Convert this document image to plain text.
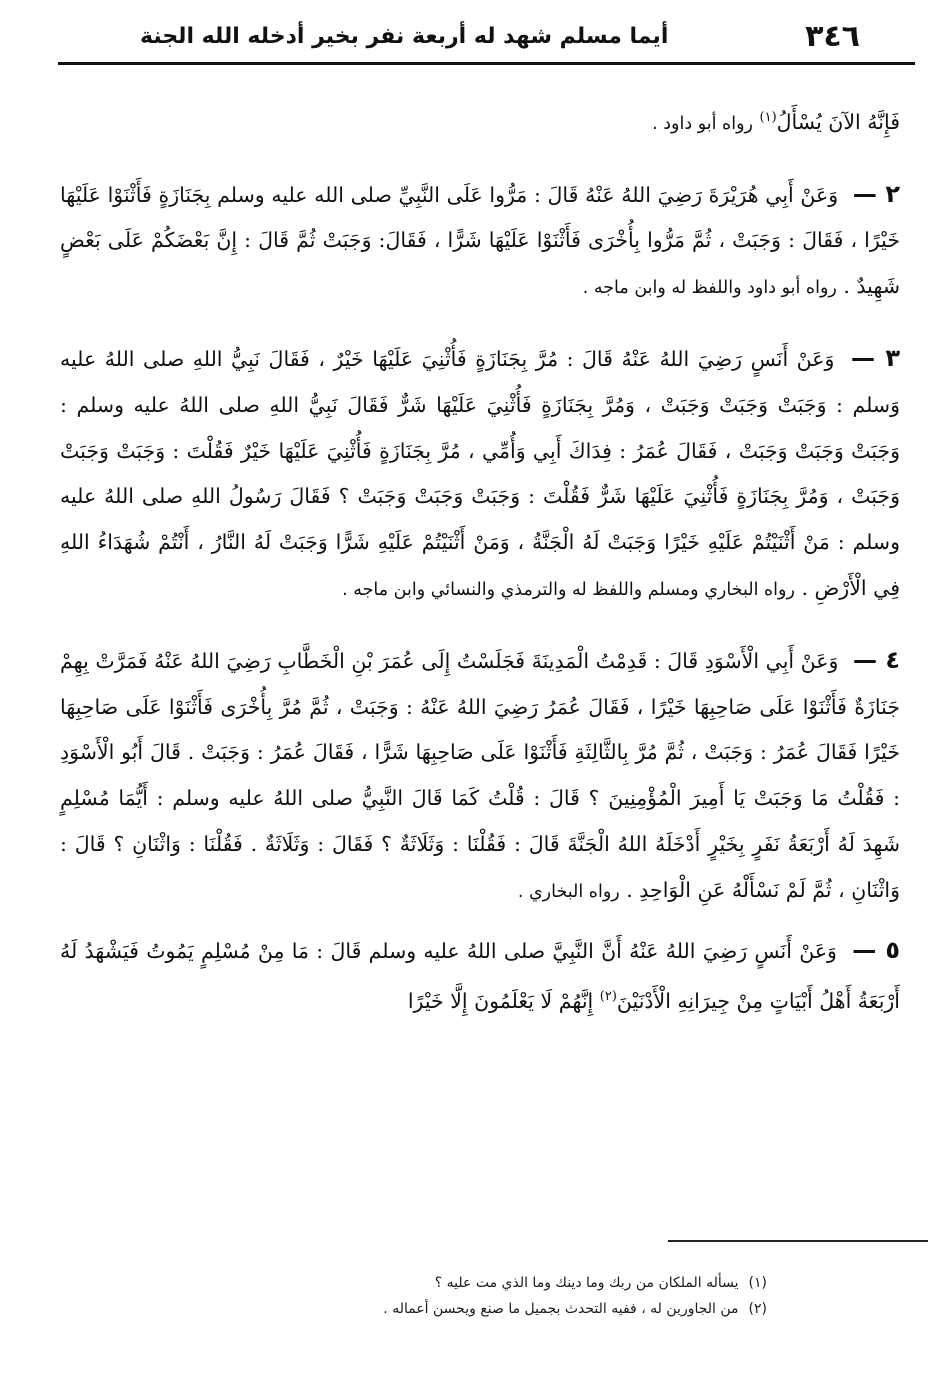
٣٤٦
أيما مسلم شهد له أربعة نفر بخير أدخله الله الجنة

فَإِنَّهُ الآنَ يُسْأَلُ$^{(١)}$ رواه أبو داود .

٢ — وَعَنْ أَبِي هُرَيْرَةَ رَضِيَ اللهُ عَنْهُ قَالَ : مَرُّوا عَلَى النَّبِيِّ صلى الله عليه وسلم بِجَنَازَةٍ فَأَثْنَوْا عَلَيْهَا خَيْرًا ، فَقَالَ : وَجَبَتْ ، ثُمَّ مَرُّوا بِأُخْرَى فَأَثْنَوْا عَلَيْهَا شَرًّا ، فَقَالَ: وَجَبَتْ ثُمَّ قَالَ : إِنَّ بَعْضَكُمْ عَلَى بَعْضٍ شَهِيدٌ . رواه أبو داود واللفظ له وابن ماجه .

٣ — وَعَنْ أَنَسٍ رَضِيَ اللهُ عَنْهُ قَالَ : مُرَّ بِجَنَازَةٍ فَأُثْنِيَ عَلَيْهَا خَيْرٌ ، فَقَالَ نَبِيُّ اللهِ صلى اللهُ عليه وَسلم : وَجَبَتْ وَجَبَتْ وَجَبَتْ ، وَمُرَّ بِجَنَازَةٍ فَأُثْنِيَ عَلَيْهَا شَرٌّ فَقَالَ نَبِيُّ اللهِ صلى اللهُ عليه وسلم : وَجَبَتْ وَجَبَتْ وَجَبَتْ ، فَقَالَ عُمَرُ : فِدَاكَ أَبِي وَأُمِّي ، مُرَّ بِجَنَازَةٍ فَأُثْنِيَ عَلَيْهَا خَيْرٌ فَقُلْتَ : وَجَبَتْ وَجَبَتْ وَجَبَتْ ، وَمُرَّ بِجَنَازَةٍ فَأُثْنِيَ عَلَيْهَا شَرٌّ فَقُلْتَ : وَجَبَتْ وَجَبَتْ وَجَبَتْ ؟ فَقَالَ رَسُولُ اللهِ صلى اللهُ عليه وسلم : مَنْ أَثْنَيْتُمْ عَلَيْهِ خَيْرًا وَجَبَتْ لَهُ الْجَنَّةُ ، وَمَنْ أَثْنَيْتُمْ عَلَيْهِ شَرًّا وَجَبَتْ لَهُ النَّارُ ، أَنْتُمْ شُهَدَاءُ اللهِ فِي الْأَرْضِ . رواه البخاري ومسلم واللفظ له والترمذي والنسائي وابن ماجه .

٤ — وَعَنْ أَبِي الْأَسْوَدِ قَالَ : قَدِمْتُ الْمَدِينَةَ فَجَلَسْتُ إِلَى عُمَرَ بْنِ الْخَطَّابِ رَضِيَ اللهُ عَنْهُ فَمَرَّتْ بِهِمْ جَنَازَةٌ فَأَثْنَوْا عَلَى صَاحِبِهَا خَيْرًا ، فَقَالَ عُمَرُ رَضِيَ اللهُ عَنْهُ : وَجَبَتْ ، ثُمَّ مُرَّ بِأُخْرَى فَأَثْنَوْا عَلَى صَاحِبِهَا خَيْرًا فَقَالَ عُمَرُ : وَجَبَتْ ، ثُمَّ مُرَّ بِالثَّالِثَةِ فَأَثْنَوْا عَلَى صَاحِبِهَا شَرًّا ، فَقَالَ عُمَرُ : وَجَبَتْ . قَالَ أَبُو الْأَسْوَدِ : فَقُلْتُ مَا وَجَبَتْ يَا أَمِيرَ الْمُؤْمِنِينَ ؟ قَالَ : قُلْتُ كَمَا قَالَ النَّبِيُّ صلى اللهُ عليه وسلم : أَيُّمَا مُسْلِمٍ شَهِدَ لَهُ أَرْبَعَةُ نَفَرٍ بِخَيْرٍ أَدْخَلَهُ اللهُ الْجَنَّةَ قَالَ : فَقُلْنَا : وَثَلَاثَةٌ ؟ فَقَالَ : وَثَلَاثَةٌ . فَقُلْنَا : وَاثْنَانِ ؟ قَالَ : وَاثْنَانِ ، ثُمَّ لَمْ نَسْأَلْهُ عَنِ الْوَاحِدِ . رواه البخاري .

٥ — وَعَنْ أَنَسٍ رَضِيَ اللهُ عَنْهُ أَنَّ النَّبِيَّ صلى اللهُ عليه وسلم قَالَ : مَا مِنْ مُسْلِمٍ يَمُوتُ فَيَشْهَدُ لَهُ أَرْبَعَةُ أَهْلُ أَبْيَاتٍ مِنْ جِيرَانِهِ الْأَدْنَيْنَ$^{(٢)}$ إِنَّهُمْ لَا يَعْلَمُونَ إِلَّا خَيْرًا

(١)يسأله الملكان من ربك وما دينك وما الذي مت عليه ؟
(٢)من الجاورين له ، ففيه التحدث بجميل ما صنع ويحسن أعماله .
